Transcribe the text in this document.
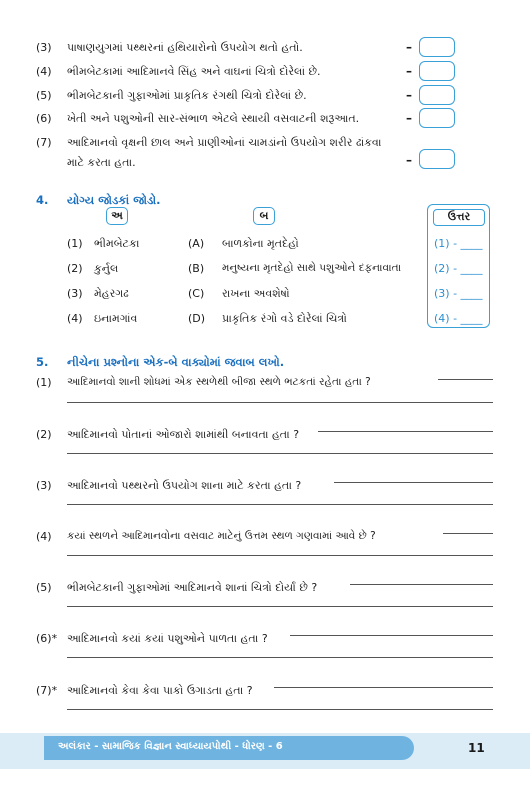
(3) પાષાણયુગમાં પથ્થરનાં હથિયારોનો ઉપયોગ થતો હતો.	–
(4) ભીમબેટકામાં આદિમાનવે સિંહ અને વાઘનાં ચિત્રો દોરેલાં છે.	–
(5) ભીમબેટકાની ગુફાઓમાં પ્રાકૃતિક રંગથી ચિત્રો દોરેલાં છે.	–
(6) ખેતી અને પશુઓની સાર-સંભાળ એટલે સ્થાયી વસવાટની શરૂઆત.	–
(7) આદિમાનવો વૃક્ષની છાલ અને પ્રાણીઓનાં ચામડાંનો ઉપયોગ શરીર ઢાંકવા
માટે કરતા હતા.	–
4. યોગ્ય જોડકાં જોડો.
અ	બ	ઉત્તર
(1) ભીમબેટકા	(A) બાળકોના મૃતદેહો	(1) - ____
(2) કુર્નુલ	(B) મનુષ્યના મૃતદેહો સાથે પશુઓને દફનાવાતા	(2) - ____
(3) મેહરગઢ	(C) રાખના અવશેષો	(3) - ____
(4) ઇનામગાંવ	(D) પ્રાકૃતિક રંગો વડે દોરેલાં ચિત્રો	(4) - ____
5. નીચેના પ્રશ્નોના એક-બે વાક્યોમાં જવાબ લખો.
(1) આદિમાનવો શાની શોધમાં એક સ્થળેથી બીજા સ્થળે ભટકતાં રહેતા હતા ?
(2) આદિમાનવો પોતાનાં ઓજારો શામાંથી બનાવતા હતા ?
(3) આદિમાનવો પથ્થરનો ઉપયોગ શાના માટે કરતા હતા ?
(4) કયાં સ્થળને આદિમાનવોના વસવાટ માટેનું ઉત્તમ સ્થળ ગણવામાં આવે છે ?
(5) ભીમબેટકાની ગુફાઓમાં આદિમાનવે શાનાં ચિત્રો દોર્યાં છે ?
(6)* આદિમાનવો કયાં કયાં પશુઓને પાળતા હતા ?
(7)* આદિમાનવો કેવા કેવા પાકો ઉગાડતા હતા ?
અલંકાર - સામાજિક વિજ્ઞાન સ્વાધ્યાયપોથી - ધોરણ - 6	11
